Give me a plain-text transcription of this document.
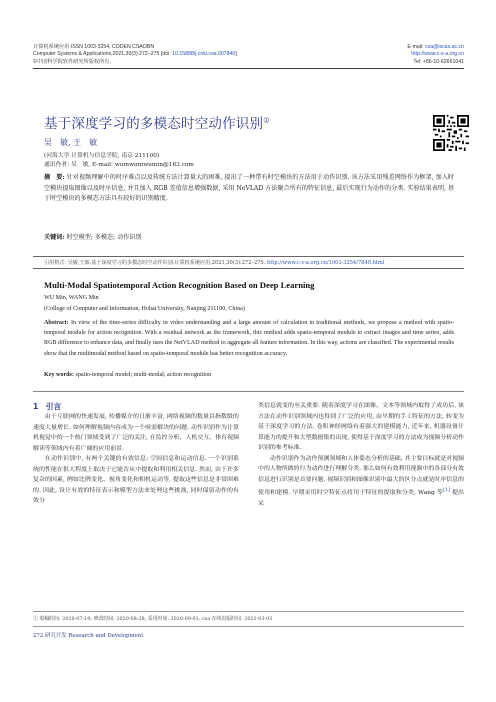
计算机系统应用 ISSN 1003-3254, CODEN CSAOBN
Computer Systems & Applications,2021,30(3):272−275 [doi: 10.15888/j.cnki.csa.007840]
©中国科学院软件研究所版权所有.
E-mail: csa@iscas.ac.cn
http://www.c-s-a.org.cn
Tel: +86-10-62661041
基于深度学习的多模态时空动作识别①
吴　敏, 王　敏
(河海大学 计算机与信息学院, 南京 211100)
通讯作者: 吴　敏, E-mail: wumwumwumin@163.com
摘　要: 针对视频理解中的时序难点以及传统方法计算量大的困难, 提出了一种带有时空模块的方法用于动作识别. 该方法采用残差网络作为框架, 加入时空模块提取图像以及时序信息, 并且加入 RGB 差值信息增强数据, 采用 NeVLAD 方法聚合所有的特征信息, 最后实现行为动作的分类. 实验结果表明, 基于时空模块的多模态方法具有较好的识别精度.
关键词: 时空模型; 多模态; 动作识别
引用格式: 吴敏,王敏.基于深度学习的多模态时空动作识别.计算机系统应用,2021,30(3):272–275. http://www.c-s-a.org.cn/1003-3254/7840.html
Multi-Modal Spatiotemporal Action Recognition Based on Deep Learning
WU Min, WANG Min
(College of Computer and Information, Hohai University, Nanjing 211100, China)
Abstract: In view of the time-series difficulty in video understanding and a large amount of calculation in traditional methods, we propose a method with spatio-temporal module for action recognition. With a residual network as the framework, this method adds spatio-temporal module to extract images and time series, adds RGB difference to enhance data, and finally uses the NetVLAD method to aggregate all feature information. In this way, actions are classified. The experimental results show that the multimodal method based on spatio-temporal module has better recognition accuracy.
Key words: spatio-temporal model; multi-modal; action recognition
1　引言

由于互联网的快速发展, 传播媒介的日渐丰富, 网络视频的数量以指数级的速度大量增长. 如何理解视频内容成为一个亟需解决的问题. 动作识别作为计算机视觉中的一个热门领域受到了广泛的关注, 在监控分析、人机交互、体育视频解读等领域内有着广阔的应用前景.

在动作识别中, 有两个关键的有效信息: 空间信息和运动信息. 一个识别系统的性能在很大程度上取决于它能否从中提取和利用相关信息. 然而, 由于许多复杂的因素, 例如比例变化、视角变化和相机运动等, 提取这些信息是非常困难的. 因此, 设计有效的特征表示和模型方法来处理这些挑战, 同时保留动作的有效分

类信息就变的至关重要. 随着深度学习在图像、文本等领域内取得了成功后, 该方法在动作识别领域内也得到了广泛的应用, 由早期的手工特征的方法, 转变为基于深度学习的方法. 卷积神经网络有着强大的建模能力, 近年来, 机器设备计算能力的提升和大型数据集的出现, 使得基于深度学习的方法成为视频分析动作识别的参考标准.

动作识别作为动作预测领域和人体姿态分析的基础, 其主要目标就是对视频中的人物所做的行为动作进行理解分类. 那么如何有效利用视频中的各部分有效信息进行识别是首要问题. 视频识别和图像识别中最大的区分点就是时序信息的使用和建模. 早期采用时空特征点将用于特征的提取和分类, Wang 等[1] 提出采

① 收稿时间: 2020-07-19; 修改时间: 2020-08-28; 采用时间: 2020-09-01; csa 在线出版时间: 2021-03-03
272 研究开发 Research and Development
